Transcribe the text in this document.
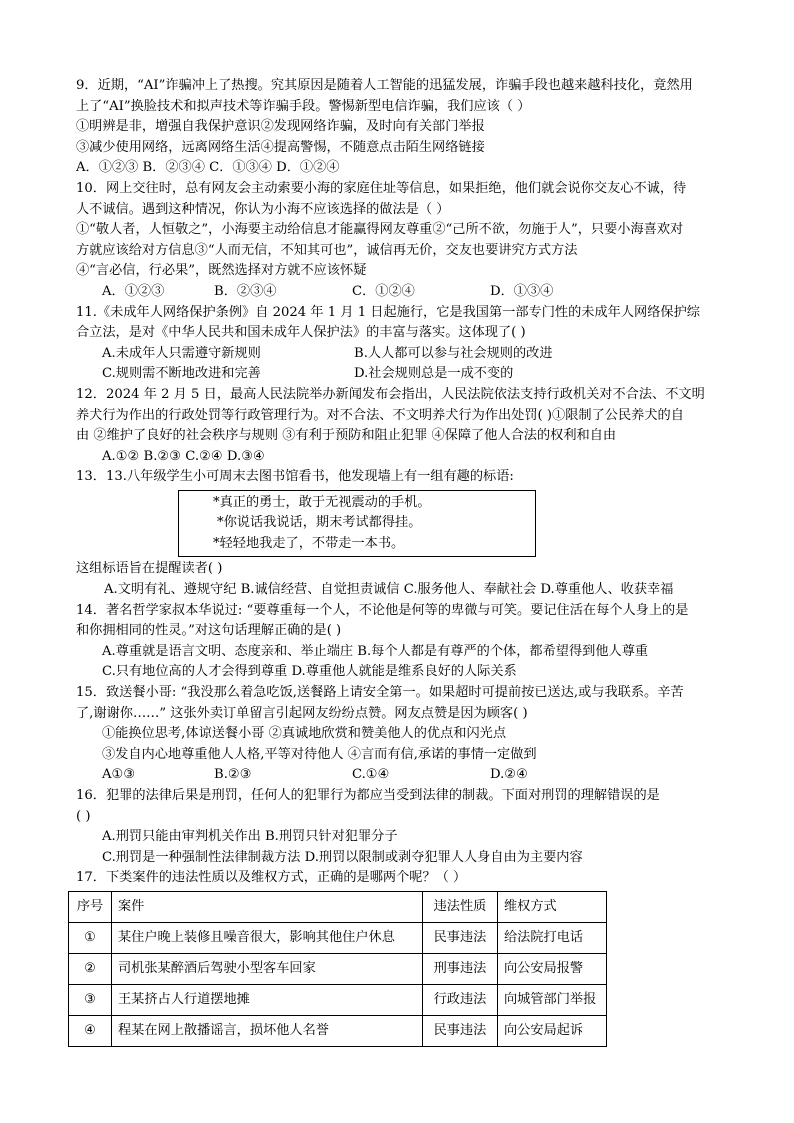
9．近期，“AI”诈骗冲上了热搜。究其原因是随着人工智能的迅猛发展，诈骗手段也越来越科技化，竟然用
上了“AI”换脸技术和拟声技术等诈骗手段。警惕新型电信诈骗，我们应该（ ）
①明辨是非，增强自我保护意识②发现网络诈骗，及时向有关部门举报
③减少使用网络，远离网络生活④提高警惕，不随意点击陌生网络链接
A．①②③ B．②③④ C．①③④ D．①②④
10．网上交往时，总有网友会主动索要小海的家庭住址等信息，如果拒绝，他们就会说你交友心不诚，待
人不诚信。遇到这种情况，你认为小海不应该选择的做法是（ ）
①“敬人者，人恒敬之”，小海要主动给信息才能赢得网友尊重②“己所不欲，勿施于人”，只要小海喜欢对
方就应该给对方信息③“人而无信，不知其可也”，诚信再无价，交友也要讲究方式方法
④“言必信，行必果”，既然选择对方就不应该怀疑
A．①②③	B．②③④	C．①②④	D．①③④
11.《未成年人网络保护条例》自 2024 年 1 月 1 日起施行，它是我国第一部专门性的未成年人网络保护综
合立法，是对《中华人民共和国未成年人保护法》的丰富与落实。这体现了( )
A.未成年人只需遵守新规则	B.人人都可以参与社会规则的改进
C.规则需不断地改进和完善	D.社会规则总是一成不变的
12．2024 年 2 月 5 日，最高人民法院举办新闻发布会指出，人民法院依法支持行政机关对不合法、不文明
养犬行为作出的行政处罚等行政管理行为。对不合法、不文明养犬行为作出处罚( )①限制了公民养犬的自
由 ②维护了良好的社会秩序与规则 ③有利于预防和阻止犯罪 ④保障了他人合法的权利和自由
A.①② B.②③ C.②④ D.③④
13．13.八年级学生小可周末去图书馆看书，他发现墙上有一组有趣的标语:
*真正的勇士，敢于无视震动的手机。
*你说话我说话，期末考试都得挂。
*轻轻地我走了，不带走一本书。
这组标语旨在提醒读者( )
A.文明有礼、遵规守纪 B.诚信经营、自觉担责诚信 C.服务他人、奉献社会 D.尊重他人、收获幸福
14．著名哲学家叔本华说过: “要尊重每一个人，不论他是何等的卑微与可笑。要记住活在每个人身上的是
和你拥相同的性灵。”对这句话理解正确的是( )
A.尊重就是语言文明、态度亲和、举止端庄 B.每个人都是有尊严的个体，都希望得到他人尊重
C.只有地位高的人才会得到尊重 D.尊重他人就能是维系良好的人际关系
15．致送餐小哥: “我没那么着急吃饭,送餐路上请安全第一。如果超时可提前按已送达,或与我联系。辛苦
了,谢谢你……” 这张外卖订单留言引起网友纷纷点赞。网友点赞是因为顾客( )
①能换位思考,体谅送餐小哥 ②真诚地欣赏和赞美他人的优点和闪光点
③发自内心地尊重他人人格,平等对待他人 ④言而有信,承诺的事情一定做到
A①③	B.②③	C.①④	D.②④
16．犯罪的法律后果是刑罚，任何人的犯罪行为都应当受到法律的制裁。下面对刑罚的理解错误的是
( )
A.刑罚只能由审判机关作出 B.刑罚只针对犯罪分子
C.刑罚是一种强制性法律制裁方法 D.刑罚以限制或剥夺犯罪人人身自由为主要内容
17．下类案件的违法性质以及维权方式，正确的是哪两个呢？（ ）
序号	案件	违法性质	维权方式
①	某住户晚上装修且噪音很大，影响其他住户休息	民事违法	给法院打电话
②	司机张某醉酒后驾驶小型客车回家	刑事违法	向公安局报警
③	王某挤占人行道摆地摊	行政违法	向城管部门举报
④	程某在网上散播谣言，损坏他人名誉	民事违法	向公安局起诉
